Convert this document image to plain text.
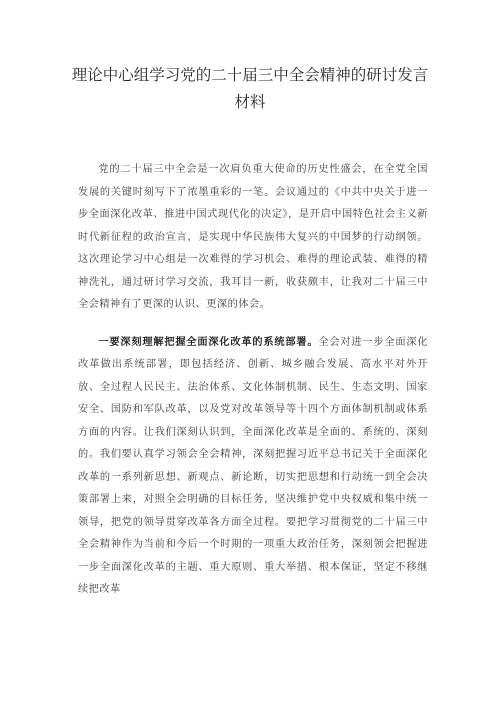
理论中心组学习党的二十届三中全会精神的研讨发言
材料

党的二十届三中全会是一次肩负重大使命的历史性盛会，在全党全国发展的关键时刻写下了浓墨重彩的一笔。会议通过的《中共中央关于进一步全面深化改革、推进中国式现代化的决定》，是开启中国特色社会主义新时代新征程的政治宣言，是实现中华民族伟大复兴的中国梦的行动纲领。这次理论学习中心组是一次难得的学习机会、难得的理论武装、难得的精神洗礼，通过研讨学习交流，我耳目一新，收获颇丰，让我对二十届三中全会精神有了更深的认识、更深的体会。

一要深刻理解把握全面深化改革的系统部署。全会对进一步全面深化改革做出系统部署，即包括经济、创新、城乡融合发展、高水平对外开放、全过程人民民主、法治体系、文化体制机制、民生、生态文明、国家安全、国防和军队改革，以及党对改革领导等十四个方面体制机制或体系方面的内容。让我们深刻认识到，全面深化改革是全面的、系统的、深刻的。我们要认真学习领会全会精神，深刻把握习近平总书记关于全面深化改革的一系列新思想、新观点、新论断，切实把思想和行动统一到全会决策部署上来，对照全会明确的目标任务，坚决维护党中央权威和集中统一领导，把党的领导贯穿改革各方面全过程。要把学习贯彻党的二十届三中全会精神作为当前和今后一个时期的一项重大政治任务，深刻领会把握进一步全面深化改革的主题、重大原则、重大举措、根本保证，坚定不移继续把改革
